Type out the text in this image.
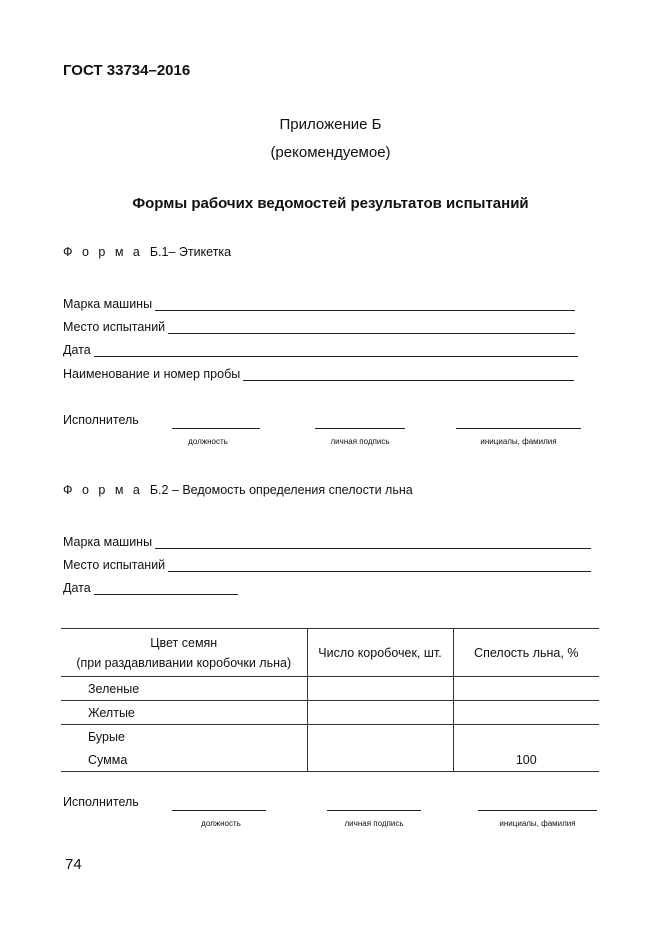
ГОСТ 33734–2016
Приложение Б
(рекомендуемое)
Формы рабочих ведомостей результатов испытаний
Ф о р м а Б.1– Этикетка
Марка машины
Место испытаний
Дата
Наименование и номер пробы
Исполнитель
должность	личная подпись	инициалы, фамилия
Ф о р м а Б.2 – Ведомость определения спелости льна
Марка машины
Место испытаний
Дата
Цвет семян
(при раздавливании коробочки льна)	Число коробочек, шт.	Спелость льна, %
Зеленые		
Желтые		
Бурые		
Сумма		100
Исполнитель
должность	личная подпись	инициалы, фамилия
74
